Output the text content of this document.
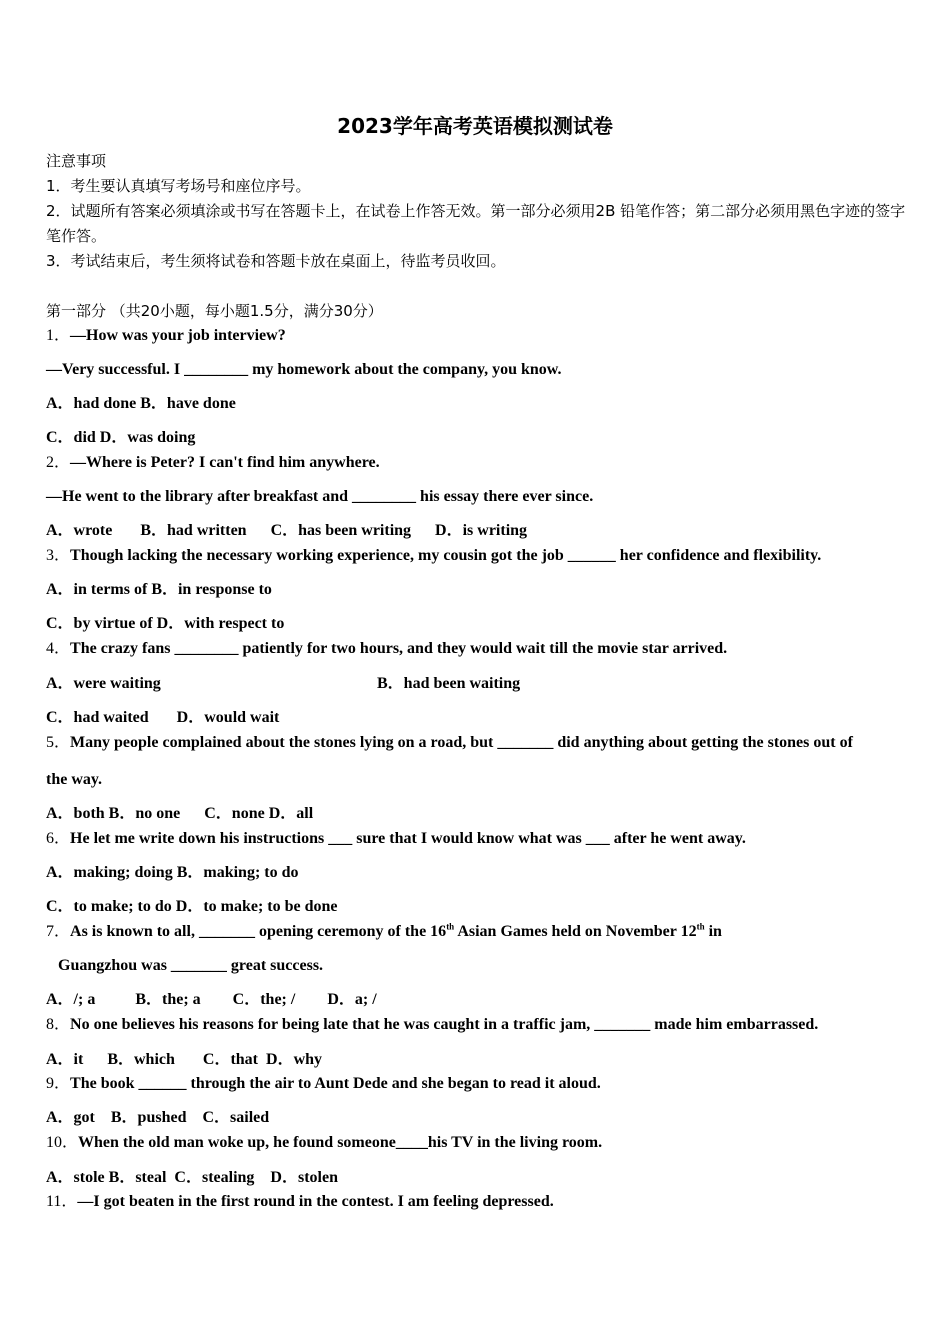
2023学年高考英语模拟测试卷
注意事项
1．考生要认真填写考场号和座位序号。
2．试题所有答案必须填涂或书写在答题卡上，在试卷上作答无效。第一部分必须用2B 铅笔作答；第二部分必须用黑色字迹的签字笔作答。
3．考试结束后，考生须将试卷和答题卡放在桌面上，待监考员收回。
第一部分 （共20小题，每小题1.5分，满分30分）
1．—How was your job interview?
—Very successful. I ________ my homework about the company, you know.
A．had done B．have done
C．did D．was doing
2．—Where is Peter? I can't find him anywhere.
—He went to the library after breakfast and ________ his essay there ever since.
A．wrote       B．had written      C．has been writing      D．is writing
3．Though lacking the necessary working experience, my cousin got the job ______ her confidence and flexibility.
A．in terms of B．in response to
C．by virtue of D．with respect to
4．The crazy fans ________ patiently for two hours, and they would wait till the movie star arrived.
A．were waiting	B．had been waiting
C．had waited       D．would wait
5．Many people complained about the stones lying on a road, but _______ did anything about getting the stones out of
the way.
A．both B．no one      C．none D．all
6．He let me write down his instructions ___ sure that I would know what was ___ after he went away.
A．making; doing B．making; to do
C．to make; to do D．to make; to be done
7．As is known to all, _______ opening ceremony of the 16th Asian Games held on November 12th in
Guangzhou was _______ great success.
A．/; a          B．the; a        C．the; /        D．a; /
8．No one believes his reasons for being late that he was caught in a traffic jam, _______ made him embarrassed.
A．it      B．which       C．that  D．why
9．The book ______ through the air to Aunt Dede and she began to read it aloud.
A．got    B．pushed    C．sailed
10．When the old man woke up, he found someone____his TV in the living room.
A．stole B．steal  C．stealing    D．stolen
11．—I got beaten in the first round in the contest. I am feeling depressed.
